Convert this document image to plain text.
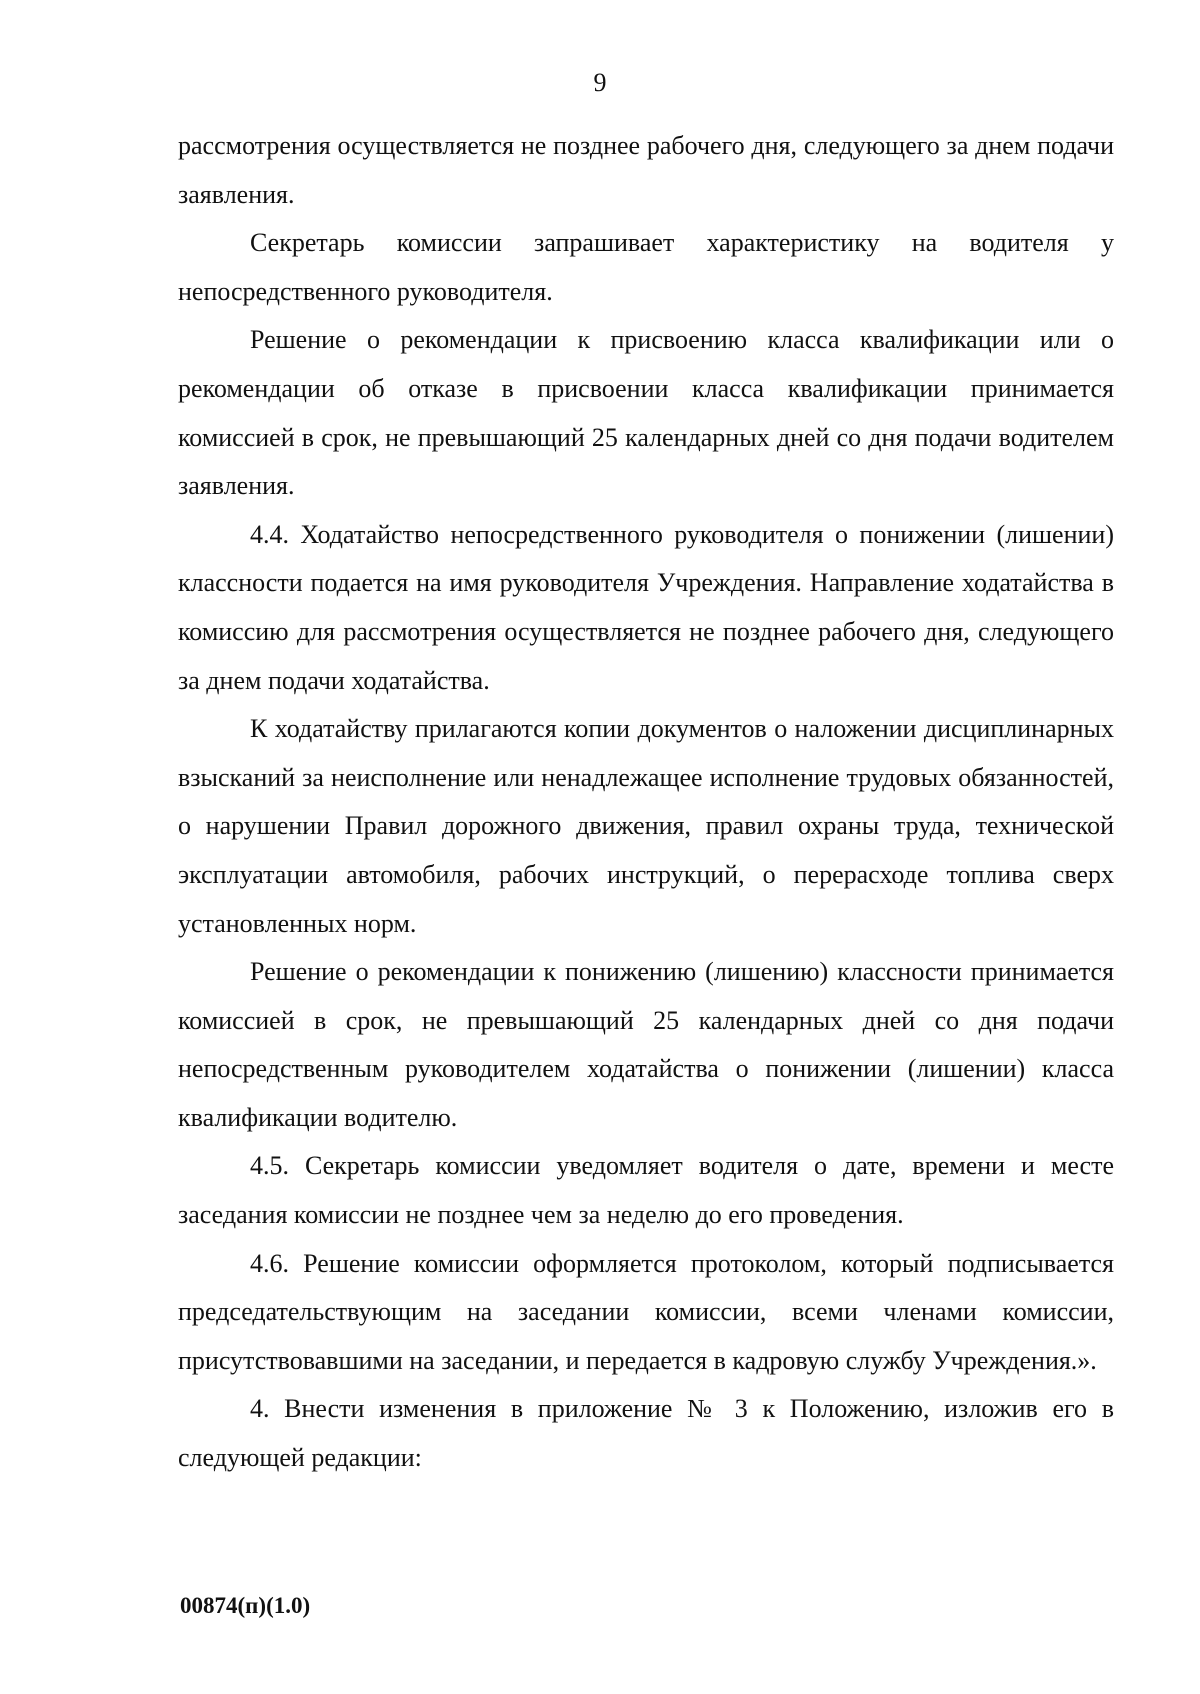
9

рассмотрения осуществляется не позднее рабочего дня, следующего за днем подачи заявления.

Секретарь комиссии запрашивает характеристику на водителя у непосредственного руководителя.

Решение о рекомендации к присвоению класса квалификации или о рекомендации об отказе в присвоении класса квалификации принимается комиссией в срок, не превышающий 25 календарных дней со дня подачи водителем заявления.

4.4. Ходатайство непосредственного руководителя о понижении (лишении) классности подается на имя руководителя Учреждения. Направление ходатайства в комиссию для рассмотрения осуществляется не позднее рабочего дня, следующего за днем подачи ходатайства.

К ходатайству прилагаются копии документов о наложении дисциплинарных взысканий за неисполнение или ненадлежащее исполнение трудовых обязанностей, о нарушении Правил дорожного движения, правил охраны труда, технической эксплуатации автомобиля, рабочих инструкций, о перерасходе топлива сверх установленных норм.

Решение о рекомендации к понижению (лишению) классности принимается комиссией в срок, не превышающий 25 календарных дней со дня подачи непосредственным руководителем ходатайства о понижении (лишении) класса квалификации водителю.

4.5. Секретарь комиссии уведомляет водителя о дате, времени и месте заседания комиссии не позднее чем за неделю до его проведения.

4.6. Решение комиссии оформляется протоколом, который подписывается председательствующим на заседании комиссии, всеми членами комиссии, присутствовавшими на заседании, и передается в кадровую службу Учреждения.».

4. Внести изменения в приложение № 3 к Положению, изложив его в следующей редакции:

00874(п)(1.0)
